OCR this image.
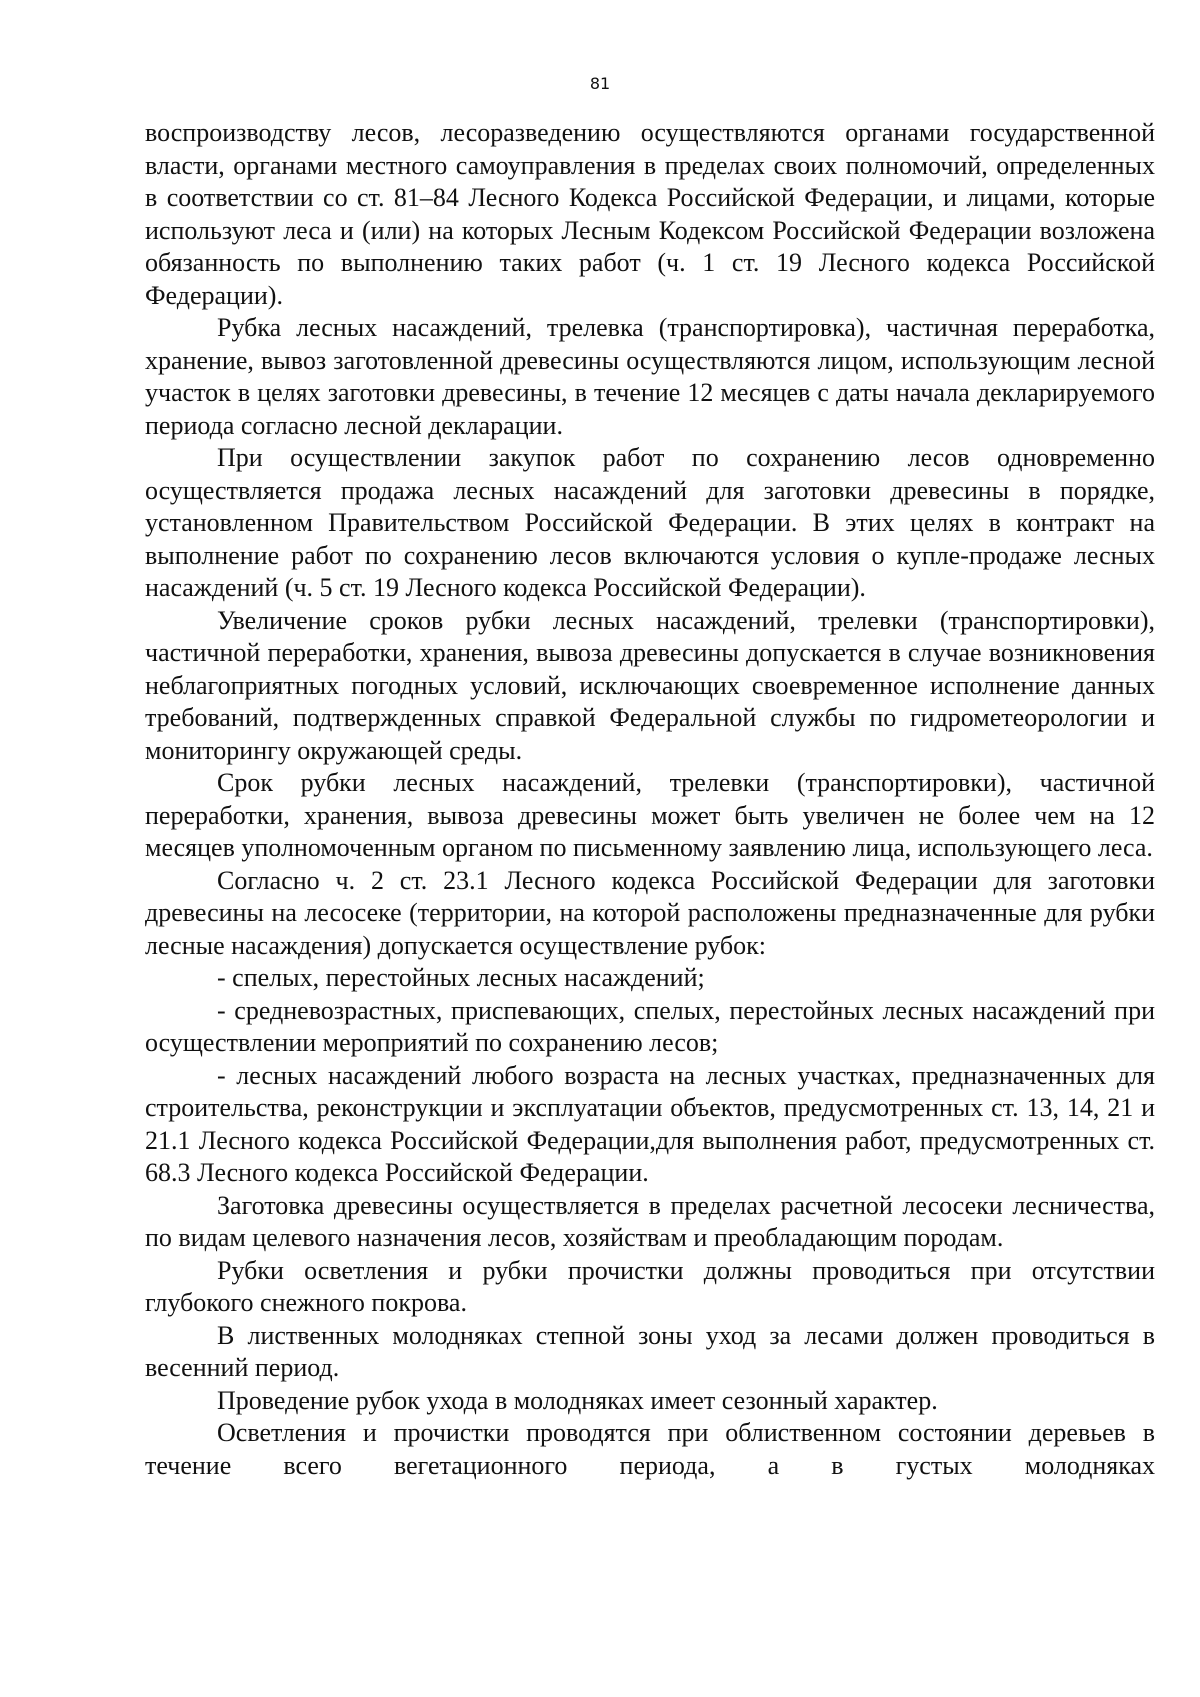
81

воспроизводству лесов, лесоразведению осуществляются органами государственной власти, органами местного самоуправления в пределах своих полномочий, определенных в соответствии со ст. 81–84 Лесного Кодекса Российской Федерации, и лицами, которые используют леса и (или) на которых Лесным Кодексом Российской Федерации возложена обязанность по выполнению таких работ (ч. 1 ст. 19 Лесного кодекса Российской Федерации).

Рубка лесных насаждений, трелевка (транспортировка), частичная переработка, хранение, вывоз заготовленной древесины осуществляются лицом, использующим лесной участок в целях заготовки древесины, в течение 12 месяцев с даты начала декларируемого периода согласно лесной декларации.

При осуществлении закупок работ по сохранению лесов одновременно осуществляется продажа лесных насаждений для заготовки древесины в порядке, установленном Правительством Российской Федерации. В этих целях в контракт на выполнение работ по сохранению лесов включаются условия о купле-продаже лесных насаждений (ч. 5 ст. 19 Лесного кодекса Российской Федерации).

Увеличение сроков рубки лесных насаждений, трелевки (транспортировки), частичной переработки, хранения, вывоза древесины допускается в случае возникновения неблагоприятных погодных условий, исключающих своевременное исполнение данных требований, подтвержденных справкой Федеральной службы по гидрометеорологии и мониторингу окружающей среды.

Срок рубки лесных насаждений, трелевки (транспортировки), частичной переработки, хранения, вывоза древесины может быть увеличен не более чем на 12 месяцев уполномоченным органом по письменному заявлению лица, использующего леса.

Согласно ч. 2 ст. 23.1 Лесного кодекса Российской Федерации для заготовки древесины на лесосеке (территории, на которой расположены предназначенные для рубки лесные насаждения) допускается осуществление рубок:

- спелых, перестойных лесных насаждений;

- средневозрастных, приспевающих, спелых, перестойных лесных насаждений при осуществлении мероприятий по сохранению лесов;

- лесных насаждений любого возраста на лесных участках, предназначенных для строительства, реконструкции и эксплуатации объектов, предусмотренных ст. 13, 14, 21 и 21.1 Лесного кодекса Российской Федерации,для выполнения работ, предусмотренных ст. 68.3 Лесного кодекса Российской Федерации.

Заготовка древесины осуществляется в пределах расчетной лесосеки лесничества, по видам целевого назначения лесов, хозяйствам и преобладающим породам.

Рубки осветления и рубки прочистки должны проводиться при отсутствии глубокого снежного покрова.

В лиственных молодняках степной зоны уход за лесами должен проводиться в весенний период.

Проведение рубок ухода в молодняках имеет сезонный характер.

Осветления и прочистки проводятся при облиственном состоянии деревьев в течение всего вегетационного периода, а в густых молодняках
